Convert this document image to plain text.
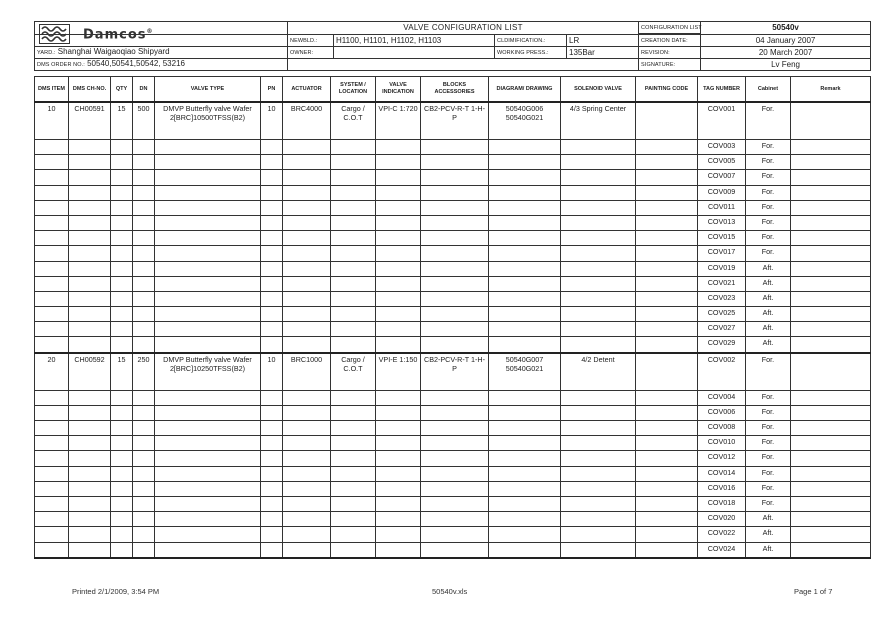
Damcos®	VALVE CONFIGURATION LIST				CONFIGURATION LIST	50540v

	NEWBLD.:	H1100, H1101, H1102, H1103	CLDIMIFICATION.:	LR	CREATION DATE:	04 January 2007
YARD.: Shanghai Waigaoqiao Shipyard	OWNER:		WORKING PRESS.:	135Bar	REVISION:	20 March 2007
DMS ORDER NO.: 50540,50541,50542, 53216					SIGNATURE:	Lv Feng
DMS ITEM	DMS CH-NO.	QTY	DN	VALVE TYPE	PN	ACTUATOR	SYSTEM / LOCATION	VALVE INDICATION	BLOCKS ACCESSORIES	DIAGRAM/ DRAWING	SOLENOID VALVE	PAINTING CODE	TAG NUMBER	Cabinet	Remark
10	CH00591	15	500	DMVP Butterfly valve Wafer 2[BRC]10500TFSS(B2)	10	BRC4000	Cargo / C.O.T	VPI-C 1:720	CB2-PCV-R-T 1-H-P	50540G006 50540G021	4/3 Spring Center		COV001	For.	
													COV003	For.	
													COV005	For.	
													COV007	For.	
													COV009	For.	
													COV011	For.	
													COV013	For.	
													COV015	For.	
													COV017	For.	
													COV019	Aft.	
													COV021	Aft.	
													COV023	Aft.	
													COV025	Aft.	
													COV027	Aft.	
													COV029	Aft.	
20	CH00592	15	250	DMVP Butterfly valve Wafer 2[BRC]10250TFSS(B2)	10	BRC1000	Cargo / C.O.T	VPI-E 1:150	CB2-PCV-R-T 1-H-P	50540G007 50540G021	4/2 Detent		COV002	For.	
													COV004	For.	
													COV006	For.	
													COV008	For.	
													COV010	For.	
													COV012	For.	
													COV014	For.	
													COV016	For.	
													COV018	For.	
													COV020	Aft.	
													COV022	Aft.	
													COV024	Aft.	
Printed 2/1/2009, 3:54 PM	50540v.xls	Page 1 of 7
